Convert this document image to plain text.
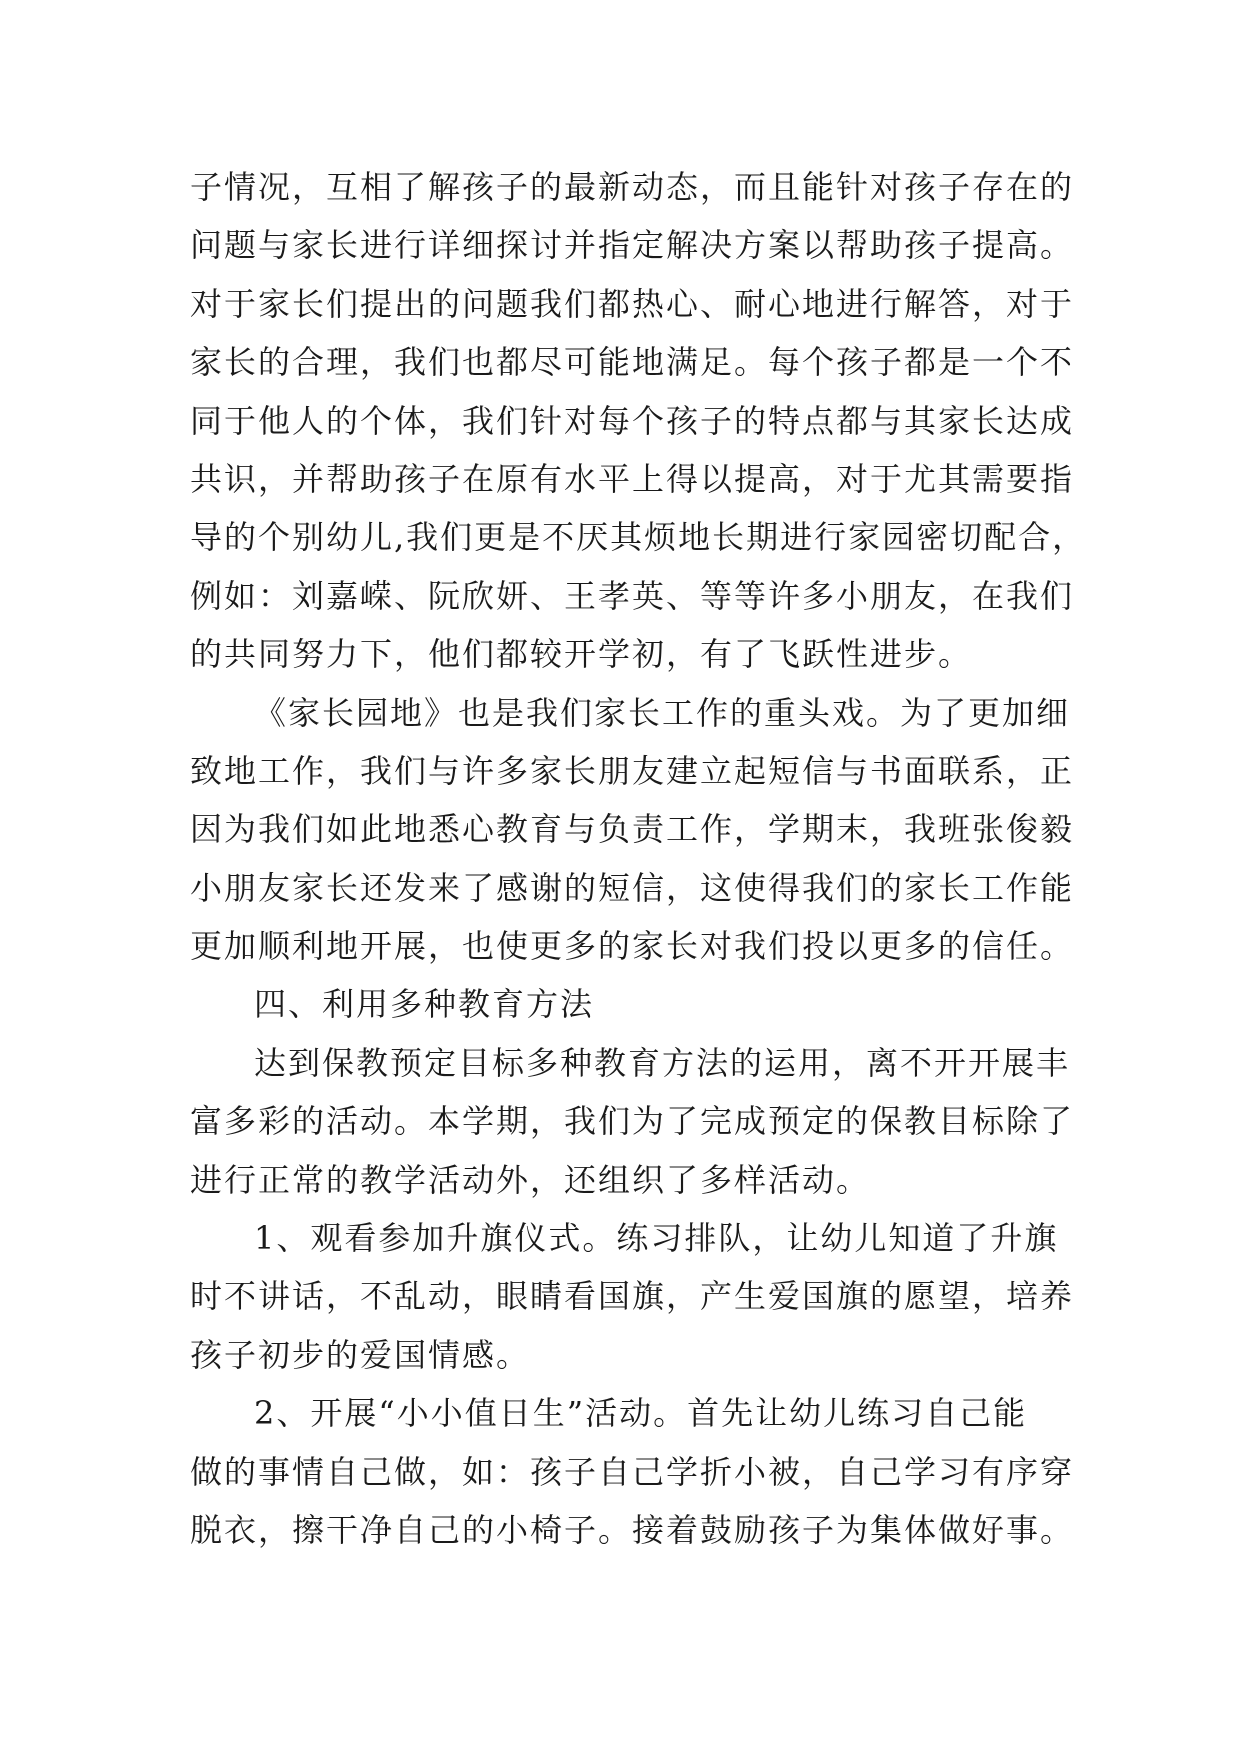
子情况，互相了解孩子的最新动态，而且能针对孩子存在的
问题与家长进行详细探讨并指定解决方案以帮助孩子提高。
对于家长们提出的问题我们都热心、耐心地进行解答，对于
家长的合理，我们也都尽可能地满足。每个孩子都是一个不
同于他人的个体，我们针对每个孩子的特点都与其家长达成
共识，并帮助孩子在原有水平上得以提高，对于尤其需要指
导的个别幼儿,我们更是不厌其烦地长期进行家园密切配合，
例如：刘嘉嵘、阮欣妍、王孝英、等等许多小朋友，在我们
的共同努力下，他们都较开学初，有了飞跃性进步。
《家长园地》也是我们家长工作的重头戏。为了更加细
致地工作，我们与许多家长朋友建立起短信与书面联系，正
因为我们如此地悉心教育与负责工作，学期末，我班张俊毅
小朋友家长还发来了感谢的短信，这使得我们的家长工作能
更加顺利地开展，也使更多的家长对我们投以更多的信任。
四、利用多种教育方法
达到保教预定目标多种教育方法的运用，离不开开展丰
富多彩的活动。本学期，我们为了完成预定的保教目标除了
进行正常的教学活动外，还组织了多样活动。
1、观看参加升旗仪式。练习排队，让幼儿知道了升旗
时不讲话，不乱动，眼睛看国旗，产生爱国旗的愿望，培养
孩子初步的爱国情感。
2、开展“小小值日生”活动。首先让幼儿练习自己能
做的事情自己做，如：孩子自己学折小被，自己学习有序穿
脱衣，擦干净自己的小椅子。接着鼓励孩子为集体做好事。
